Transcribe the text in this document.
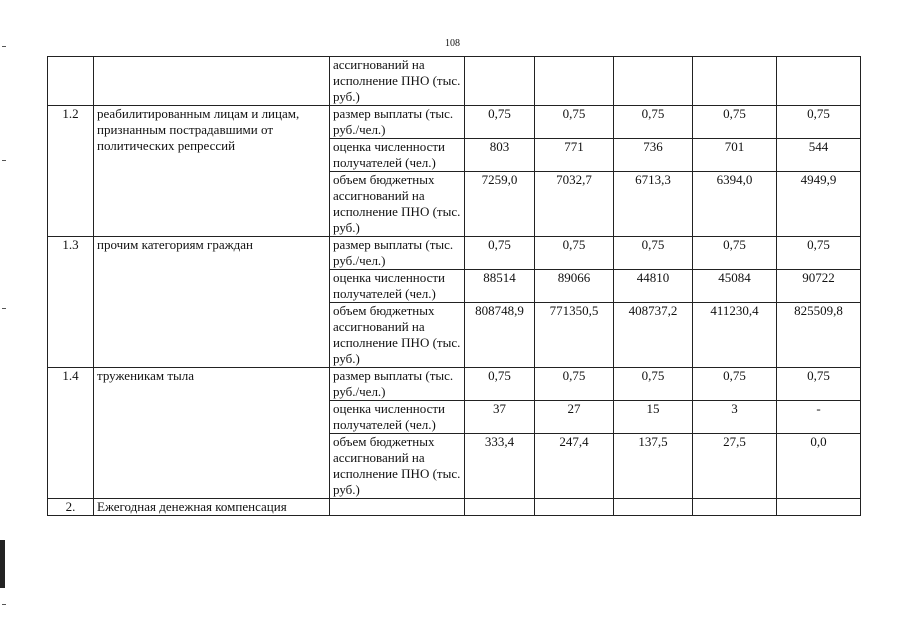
108
		ассигнований на исполнение ПНО (тыс. руб.)					
1.2	реабилитированным лицам и лицам, признанным пострадавшими от политических репрессий	размер выплаты (тыс. руб./чел.)	0,75	0,75	0,75	0,75	0,75
		оценка численности получателей (чел.)	803	771	736	701	544
		объем бюджетных ассигнований на исполнение ПНО (тыс. руб.)	7259,0	7032,7	6713,3	6394,0	4949,9
1.3	прочим категориям граждан	размер выплаты (тыс. руб./чел.)	0,75	0,75	0,75	0,75	0,75
		оценка численности получателей (чел.)	88514	89066	44810	45084	90722
		объем бюджетных ассигнований на исполнение ПНО (тыс. руб.)	808748,9	771350,5	408737,2	411230,4	825509,8
1.4	труженикам тыла	размер выплаты (тыс. руб./чел.)	0,75	0,75	0,75	0,75	0,75
		оценка численности получателей (чел.)	37	27	15	3	-
		объем бюджетных ассигнований на исполнение ПНО (тыс. руб.)	333,4	247,4	137,5	27,5	0,0
2.	Ежегодная денежная компенсация						
